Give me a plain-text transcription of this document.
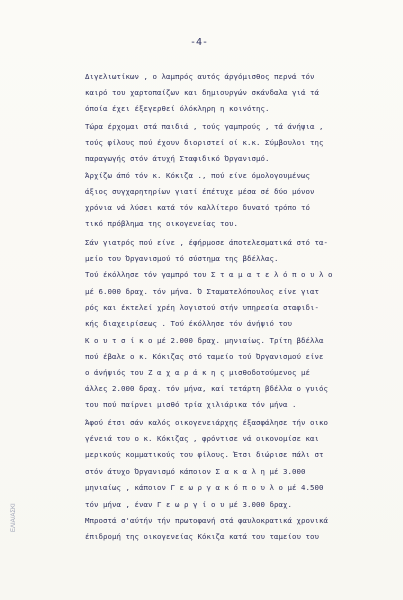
-4-
Διγελιωτίκων , ο λαμπρός αυτός άργόμισθος περνά τόν
καιρό του χαρτοπαίζων και δημιουργών σκάνδαλα γιά τά
όποία έχει έξεγερθεί όλόκληρη η κοινότης.
Τώρα έρχομαι στά παιδιά , τούς γαμπρούς , τά άνήψια ,
τούς φίλους πού έχουν διοριστεί οί κ.κ. Σύμβουλοι της
παραγωγής στόν άτυχή Σταφιδικό Όργανισμό.
Άρχίζω άπό τόν κ. Κόκιζα ., πού είνε όμολογουμένως
άξιος συγχαρητηρίων γιατί έπέτυχε μέσα σέ δύο μόνον
χρόνια νά λύσει κατά τόν καλλίτερο δυνατό τρόπο τό
τικό πρόβλημα της οικογενείας του.
Σάν γιατρός πού είνε , έφήρμοσε άποτελεσματικά στό τα-
μείο του Όργανισμού τό σύστημα της βδέλλας.
Τού έκόλλησε τόν γαμπρό του Σ τ α μ α τ ε λ ό π ο υ λ ο
μέ 6.000 δραχ. τόν μήνα. Ό Σταματελόπουλος είνε γιατ
ρός και έκτελεί χρέη λογιστού στήν υπηρεσία σταφιδι-
κής διαχειρίσεως . Τού έκόλλησε τόν άνήψιό του
Κ ο υ τ σ ί κ ο μέ 2.000 δραχ. μηνιαίως. Τρίτη βδέλλα
πού έβαλε ο κ. Κόκιζας στό ταμείο τού Όργανισμού είνε
ο άνήψιός του Ζ α χ α ρ ά κ η ς μισθοδοτούμενος μέ
άλλες 2.000 δραχ. τόν μήνα, καί τετάρτη βδέλλα ο γυιός
του πού παίρνει μισθό τρία χιλιάρικα τόν μήνα .
Άφού έτσι σάν καλός οικογενειάρχης έξασφάλησε τήν οικο
γένειά του ο κ. Κόκιζας , φρόντισε νά οικονομίσε και
μερικούς κομματικούς του φίλους. Έτσι διώρισε πάλι στ
στόν άτυχο Όργανισμό κάποιον Σ α κ α λ η μέ 3.000
μηνιαίως , κάποιον Γ ε ω ρ γ α κ ό π ο υ λ ο μέ 4.500
τόν μήνα , έναν Γ ε ω ρ γ ί ο υ μέ 3.000 δραχ.
Μπροστά σ'αύτήν τήν πρωτοφανή στά φαυλοκρατικά χρονικά
έπιδρομή της οικογενείας Κόκιζα κατά του ταμείου του
EΛΙΑ/ΑΣΚΙ
